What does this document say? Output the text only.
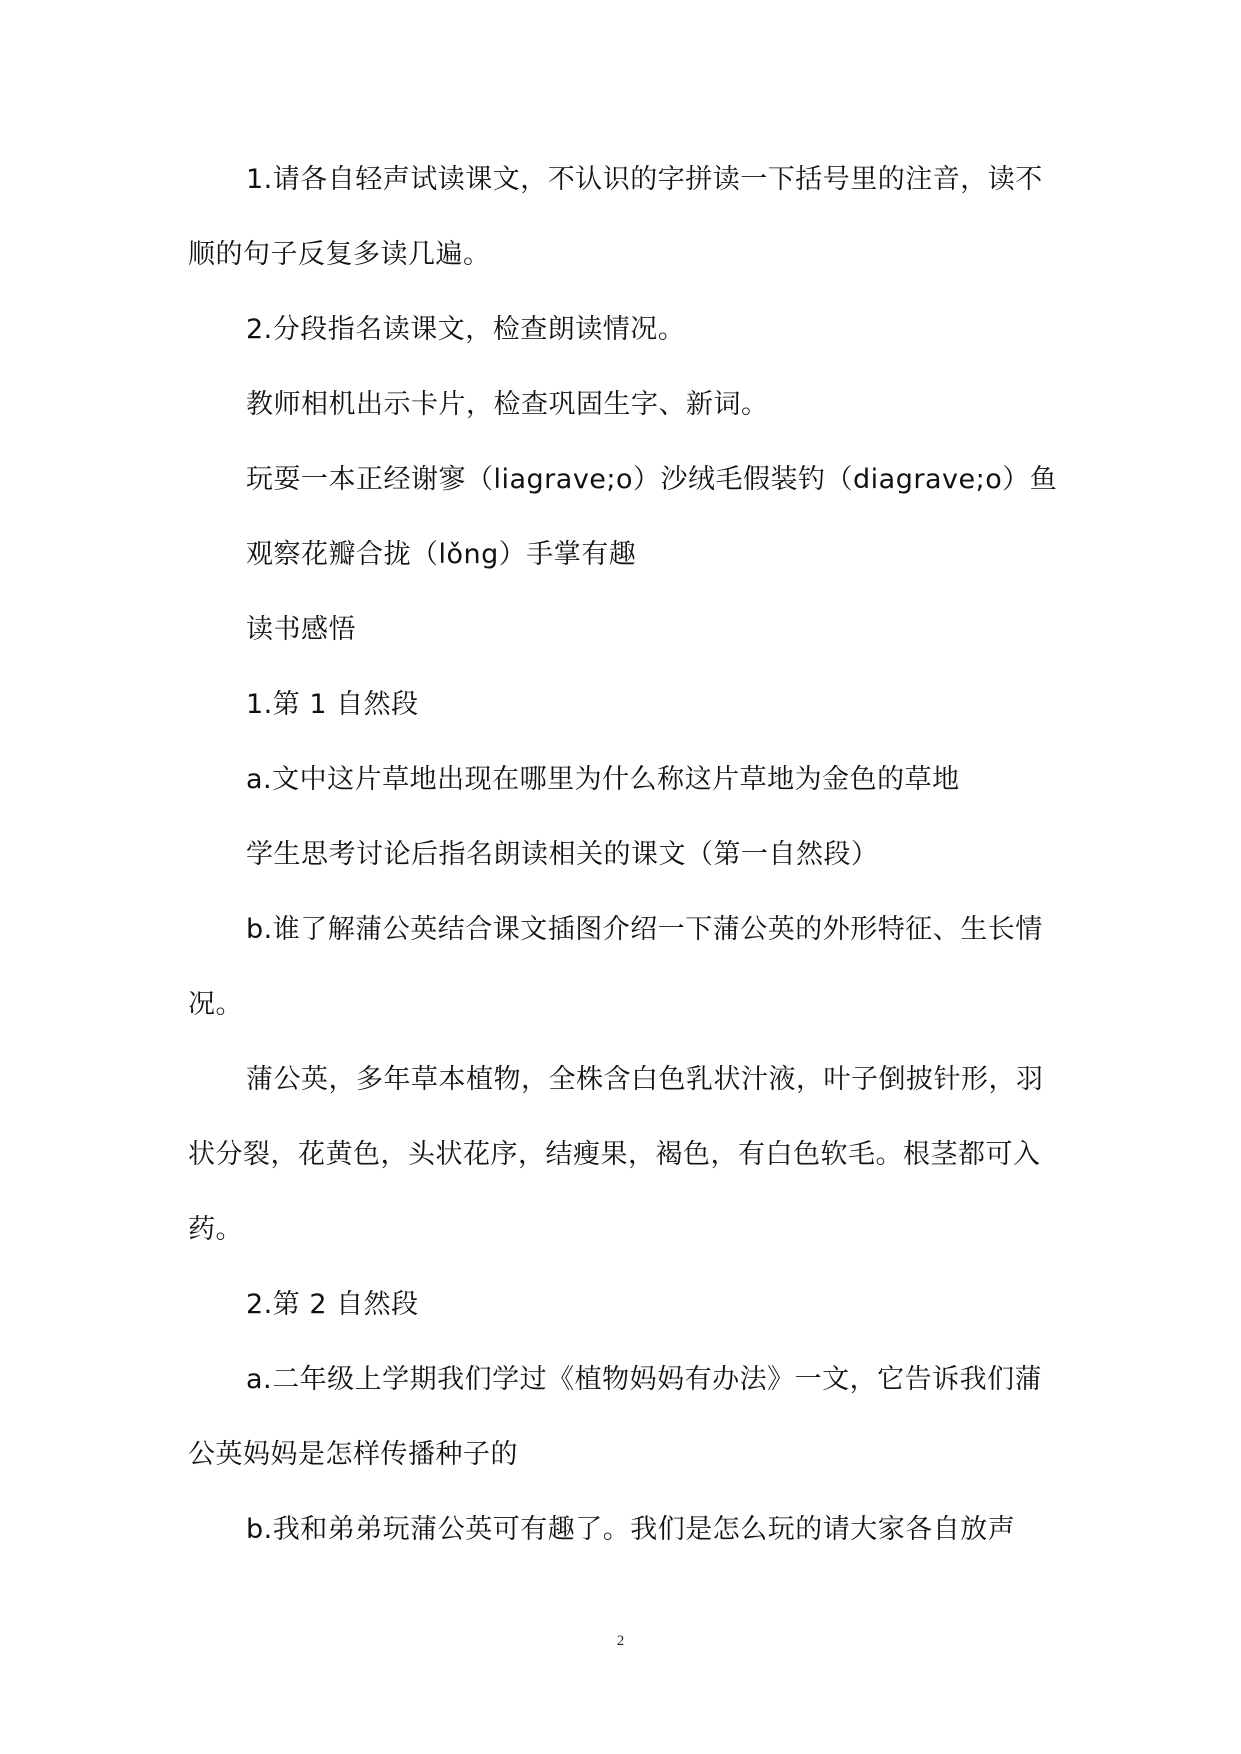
1.请各自轻声试读课文，不认识的字拼读一下括号里的注音，读不顺的句子反复多读几遍。

2.分段指名读课文，检查朗读情况。

教师相机出示卡片，检查巩固生字、新词。

玩耍一本正经谢寥（liagrave;o）沙绒毛假装钓（diagrave;o）鱼

观察花瓣合拢（lǒng）手掌有趣

读书感悟

1.第 1 自然段

a.文中这片草地出现在哪里为什么称这片草地为金色的草地

学生思考讨论后指名朗读相关的课文（第一自然段）

b.谁了解蒲公英结合课文插图介绍一下蒲公英的外形特征、生长情况。

蒲公英，多年草本植物，全株含白色乳状汁液，叶子倒披针形，羽状分裂，花黄色，头状花序，结瘦果，褐色，有白色软毛。根茎都可入药。

2.第 2 自然段

a.二年级上学期我们学过《植物妈妈有办法》一文，它告诉我们蒲公英妈妈是怎样传播种子的

b.我和弟弟玩蒲公英可有趣了。我们是怎么玩的请大家各自放声

2
